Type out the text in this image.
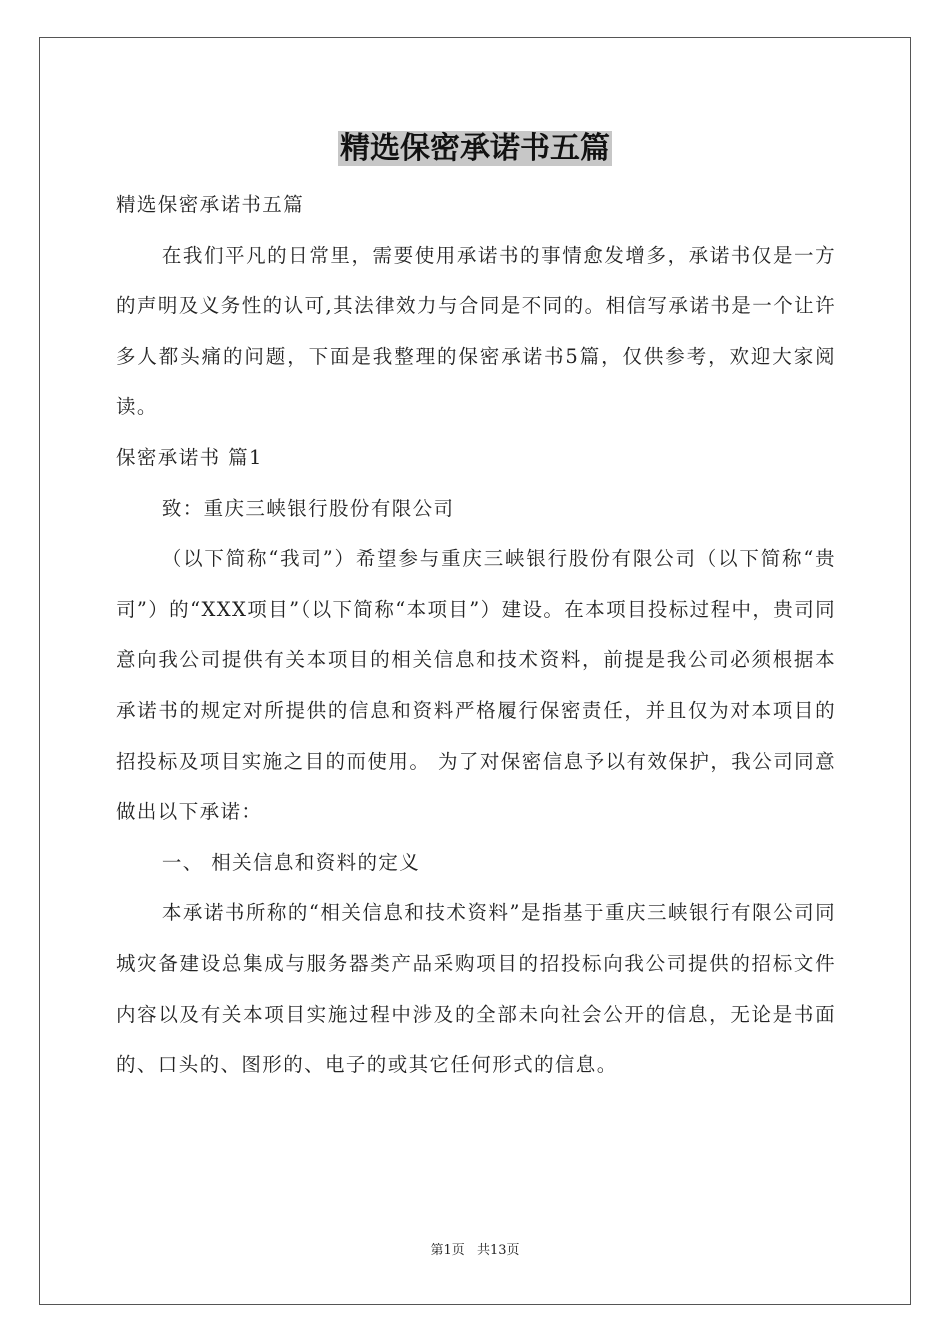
精选保密承诺书五篇

精选保密承诺书五篇

在我们平凡的日常里，需要使用承诺书的事情愈发增多，承诺书仅是一方的声明及义务性的认可,其法律效力与合同是不同的。相信写承诺书是一个让许多人都头痛的问题，下面是我整理的保密承诺书5篇，仅供参考，欢迎大家阅读。

保密承诺书 篇1

致：重庆三峡银行股份有限公司

（以下简称“我司”）希望参与重庆三峡银行股份有限公司（以下简称“贵司”）的“XXX项目”（以下简称“本项目”）建设。在本项目投标过程中，贵司同意向我公司提供有关本项目的相关信息和技术资料，前提是我公司必须根据本承诺书的规定对所提供的信息和资料严格履行保密责任，并且仅为对本项目的招投标及项目实施之目的而使用。 为了对保密信息予以有效保护，我公司同意做出以下承诺：

一、 相关信息和资料的定义

本承诺书所称的“相关信息和技术资料”是指基于重庆三峡银行有限公司同城灾备建设总集成与服务器类产品采购项目的招投标向我公司提供的招标文件内容以及有关本项目实施过程中涉及的全部未向社会公开的信息，无论是书面的、口头的、图形的、电子的或其它任何形式的信息。

第1页 共13页
